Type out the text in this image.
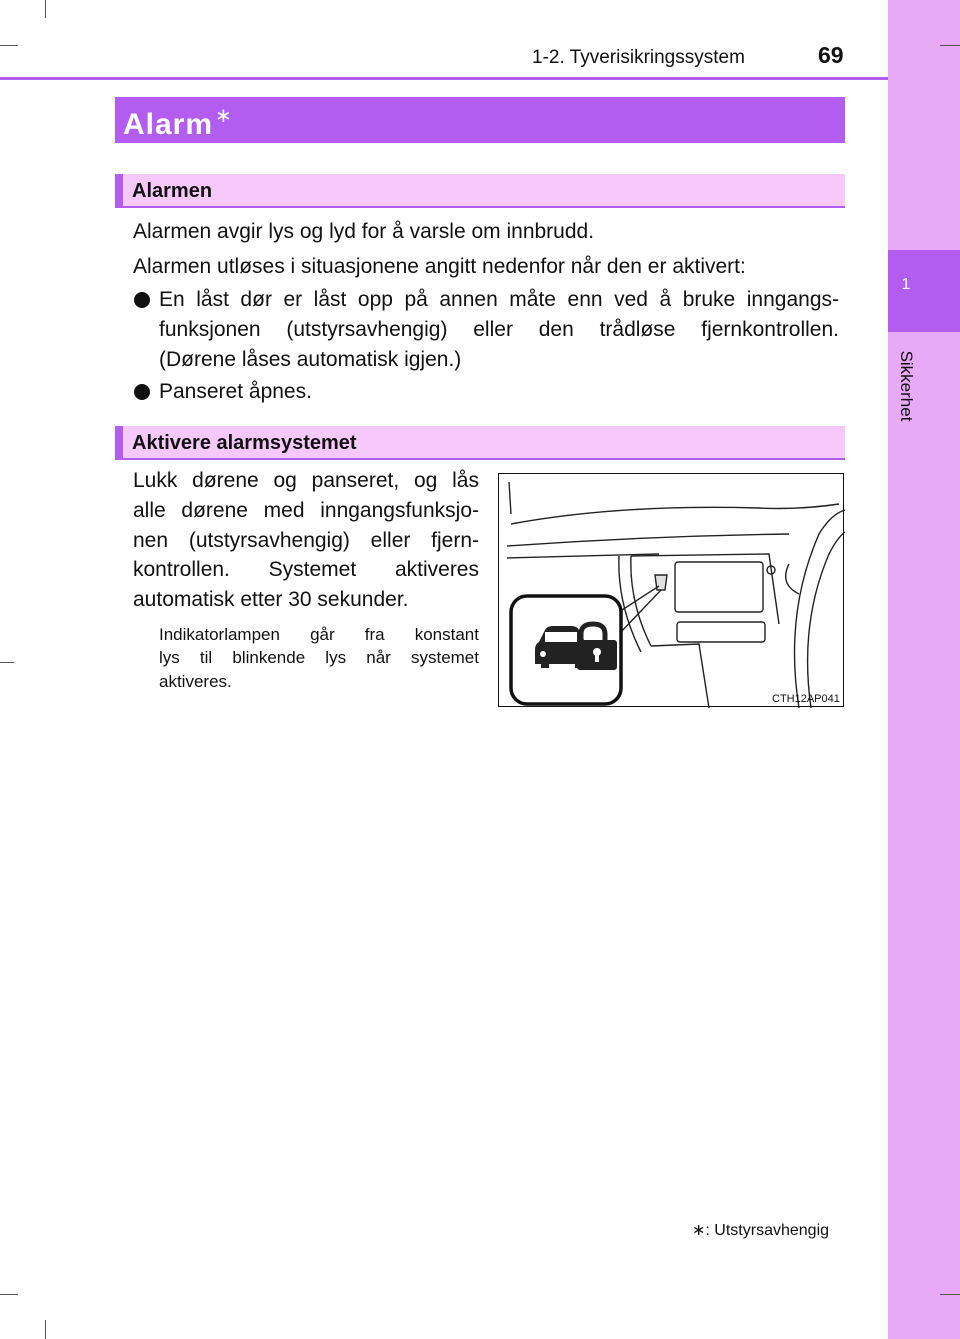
1
Sikkerhet
1-2. Tyverisikringssystem	69
Alarm ∗
Alarmen

Alarmen avgir lys og lyd for å varsle om innbrudd.

Alarmen utløses i situasjonene angitt nedenfor når den er aktivert:

En låst dør er låst opp på annen måte enn ved å bruke inngangs-

funksjonen (utstyrsavhengig) eller den trådløse fjernkontrollen.

(Dørene låses automatisk igjen.)

Panseret åpnes.

Aktivere alarmsystemet

Lukk dørene og panseret, og lås

alle dørene med inngangsfunksjo-

nen (utstyrsavhengig) eller fjern-

kontrollen. Systemet aktiveres

automatisk etter 30 sekunder.

Indikatorlampen går fra konstant

lys til blinkende lys når systemet

aktiveres.

CTH12AP041
∗: Utstyrsavhengig
